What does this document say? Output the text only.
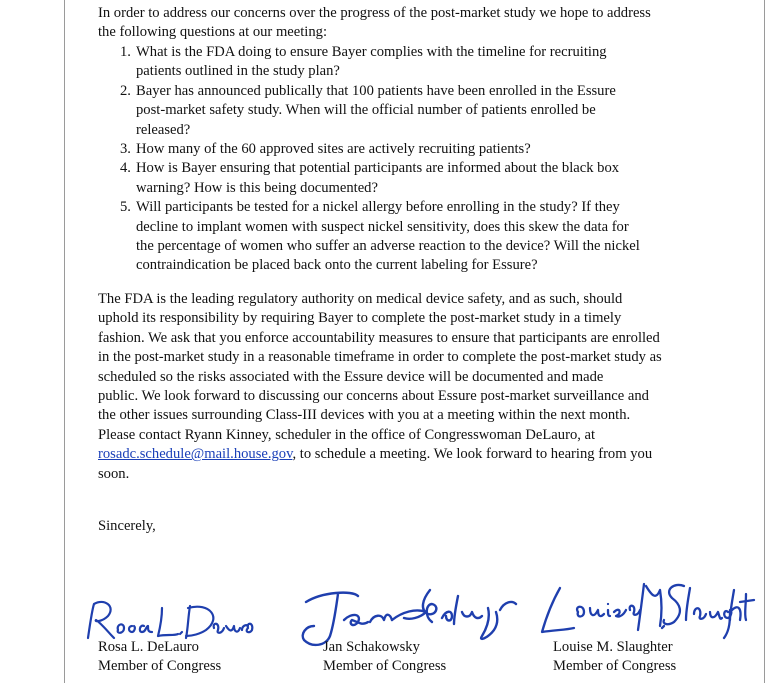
In order to address our concerns over the progress of the post-market study we hope to address
the following questions at our meeting:
1. What is the FDA doing to ensure Bayer complies with the timeline for recruiting
patients outlined in the study plan?
2. Bayer has announced publically that 100 patients have been enrolled in the Essure
post-market safety study. When will the official number of patients enrolled be
released?
3. How many of the 60 approved sites are actively recruiting patients?
4. How is Bayer ensuring that potential participants are informed about the black box
warning? How is this being documented?
5. Will participants be tested for a nickel allergy before enrolling in the study? If they
decline to implant women with suspect nickel sensitivity, does this skew the data for
the percentage of women who suffer an adverse reaction to the device? Will the nickel
contraindication be placed back onto the current labeling for Essure?
The FDA is the leading regulatory authority on medical device safety, and as such, should
uphold its responsibility by requiring Bayer to complete the post-market study in a timely
fashion. We ask that you enforce accountability measures to ensure that participants are enrolled
in the post-market study in a reasonable timeframe in order to complete the post-market study as
scheduled so the risks associated with the Essure device will be documented and made
public. We look forward to discussing our concerns about Essure post-market surveillance and
the other issues surrounding Class-III devices with you at a meeting within the next month.
Please contact Ryann Kinney, scheduler in the office of Congresswoman DeLauro, at
rosadc.schedule@mail.house.gov, to schedule a meeting. We look forward to hearing from you
soon.
Sincerely,
Rosa L. DeLauro
Member of Congress
Jan Schakowsky
Member of Congress
Louise M. Slaughter
Member of Congress
